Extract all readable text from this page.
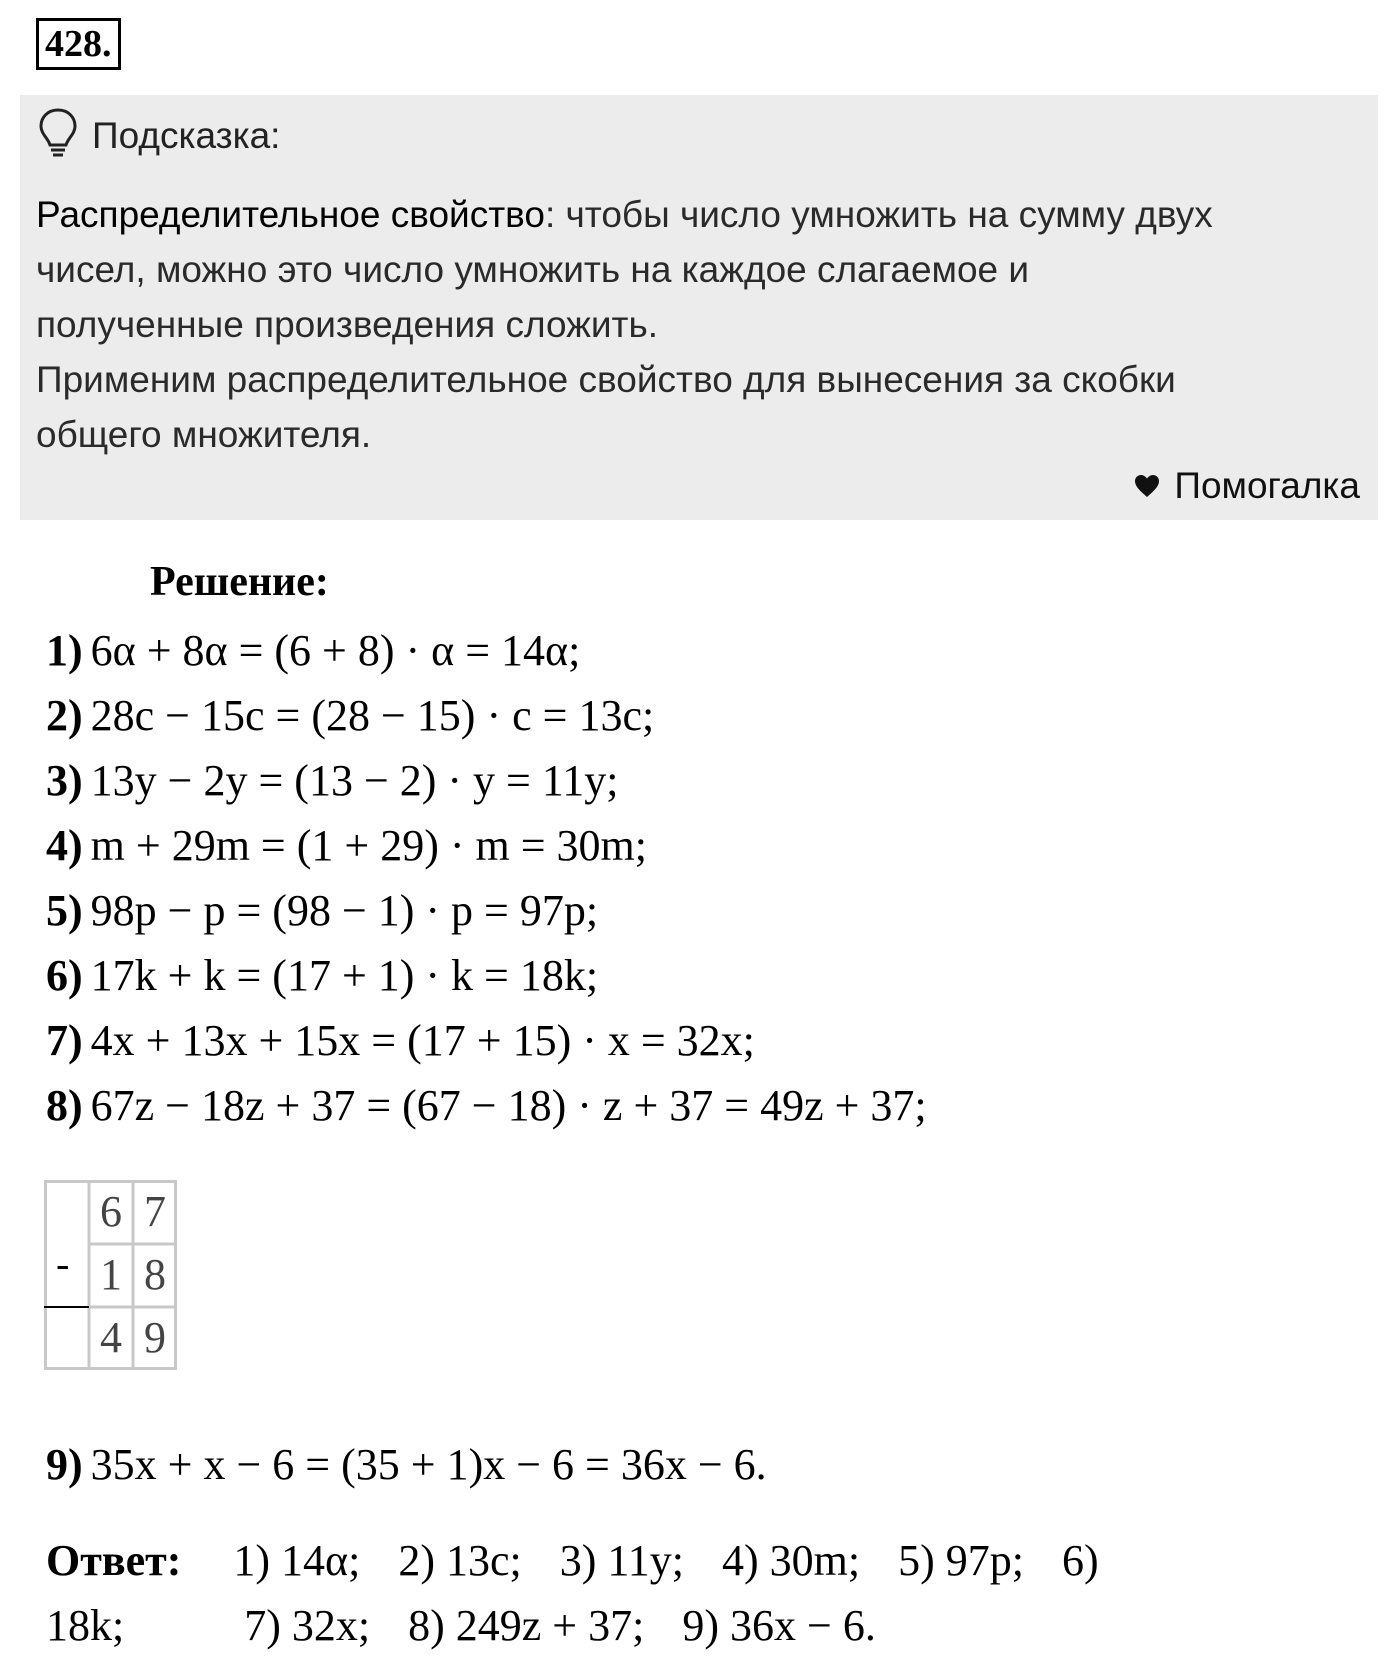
428.
Подсказка:
Распределительное свойство: чтобы число умножить на сумму двух
чисел, можно это число умножить на каждое слагаемое и
полученные произведения сложить.
Применим распределительное свойство для вынесения за скобки
общего множителя.
Помогалка
Решение:
1) 6α + 8α = (6 + 8) · α = 14α;
2) 28c − 15c = (28 − 15) · c = 13c;
3) 13y − 2y = (13 − 2) · y = 11y;
4) m + 29m = (1 + 29) · m = 30m;
5) 98p − p = (98 − 1) · p = 97p;
6) 17k + k = (17 + 1) · k = 18k;
7) 4x + 13x + 15x = (17 + 15) · x = 32x;
8) 67z − 18z + 37 = (67 − 18) · z + 37 = 49z + 37;
-
6 7
1 8
4 9
9) 35x + x − 6 = (35 + 1)x − 6 = 36x − 6.
Ответ: 1) 14α; 2) 13c; 3) 11y; 4) 30m; 5) 97p; 6)
18k;	7) 32x; 8) 249z + 37; 9) 36x − 6.
